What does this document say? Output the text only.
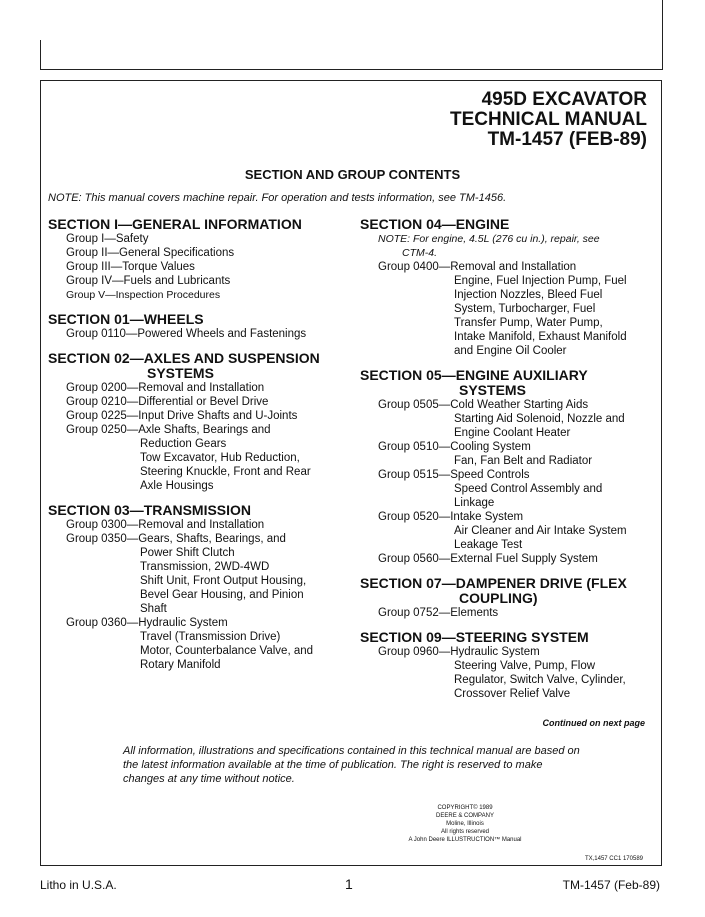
495D EXCAVATOR
TECHNICAL MANUAL
TM-1457 (FEB-89)
SECTION AND GROUP CONTENTS
NOTE: This manual covers machine repair. For operation and tests information, see TM-1456.
SECTION I—GENERAL INFORMATION
Group I—Safety
Group II—General Specifications
Group III—Torque Values
Group IV—Fuels and Lubricants
Group V—Inspection Procedures
SECTION 01—WHEELS
Group 0110—Powered Wheels and Fastenings
SECTION 02—AXLES AND SUSPENSION
SYSTEMS
Group 0200—Removal and Installation
Group 0210—Differential or Bevel Drive
Group 0225—Input Drive Shafts and U-Joints
Group 0250—Axle Shafts, Bearings and
Reduction Gears
Tow Excavator, Hub Reduction,
Steering Knuckle, Front and Rear
Axle Housings
SECTION 03—TRANSMISSION
Group 0300—Removal and Installation
Group 0350—Gears, Shafts, Bearings, and
Power Shift Clutch
Transmission, 2WD-4WD
Shift Unit, Front Output Housing,
Bevel Gear Housing, and Pinion
Shaft
Group 0360—Hydraulic System
Travel (Transmission Drive)
Motor, Counterbalance Valve, and
Rotary Manifold
SECTION 04—ENGINE
NOTE: For engine, 4.5L (276 cu in.), repair, see
CTM-4.
Group 0400—Removal and Installation
Engine, Fuel Injection Pump, Fuel
Injection Nozzles, Bleed Fuel
System, Turbocharger, Fuel
Transfer Pump, Water Pump,
Intake Manifold, Exhaust Manifold
and Engine Oil Cooler
SECTION 05—ENGINE AUXILIARY
SYSTEMS
Group 0505—Cold Weather Starting Aids
Starting Aid Solenoid, Nozzle and
Engine Coolant Heater
Group 0510—Cooling System
Fan, Fan Belt and Radiator
Group 0515—Speed Controls
Speed Control Assembly and
Linkage
Group 0520—Intake System
Air Cleaner and Air Intake System
Leakage Test
Group 0560—External Fuel Supply System
SECTION 07—DAMPENER DRIVE (FLEX
COUPLING)
Group 0752—Elements
SECTION 09—STEERING SYSTEM
Group 0960—Hydraulic System
Steering Valve, Pump, Flow
Regulator, Switch Valve, Cylinder,
Crossover Relief Valve
Continued on next page
All information, illustrations and specifications contained in this technical manual are based on the latest information available at the time of publication. The right is reserved to make changes at any time without notice.
COPYRIGHT© 1989
DEERE & COMPANY
Moline, Illinois
All rights reserved
A John Deere ILLUSTRUCTION™ Manual
TX,1457 CC1 170589
Litho in U.S.A.	1	TM-1457 (Feb-89)
